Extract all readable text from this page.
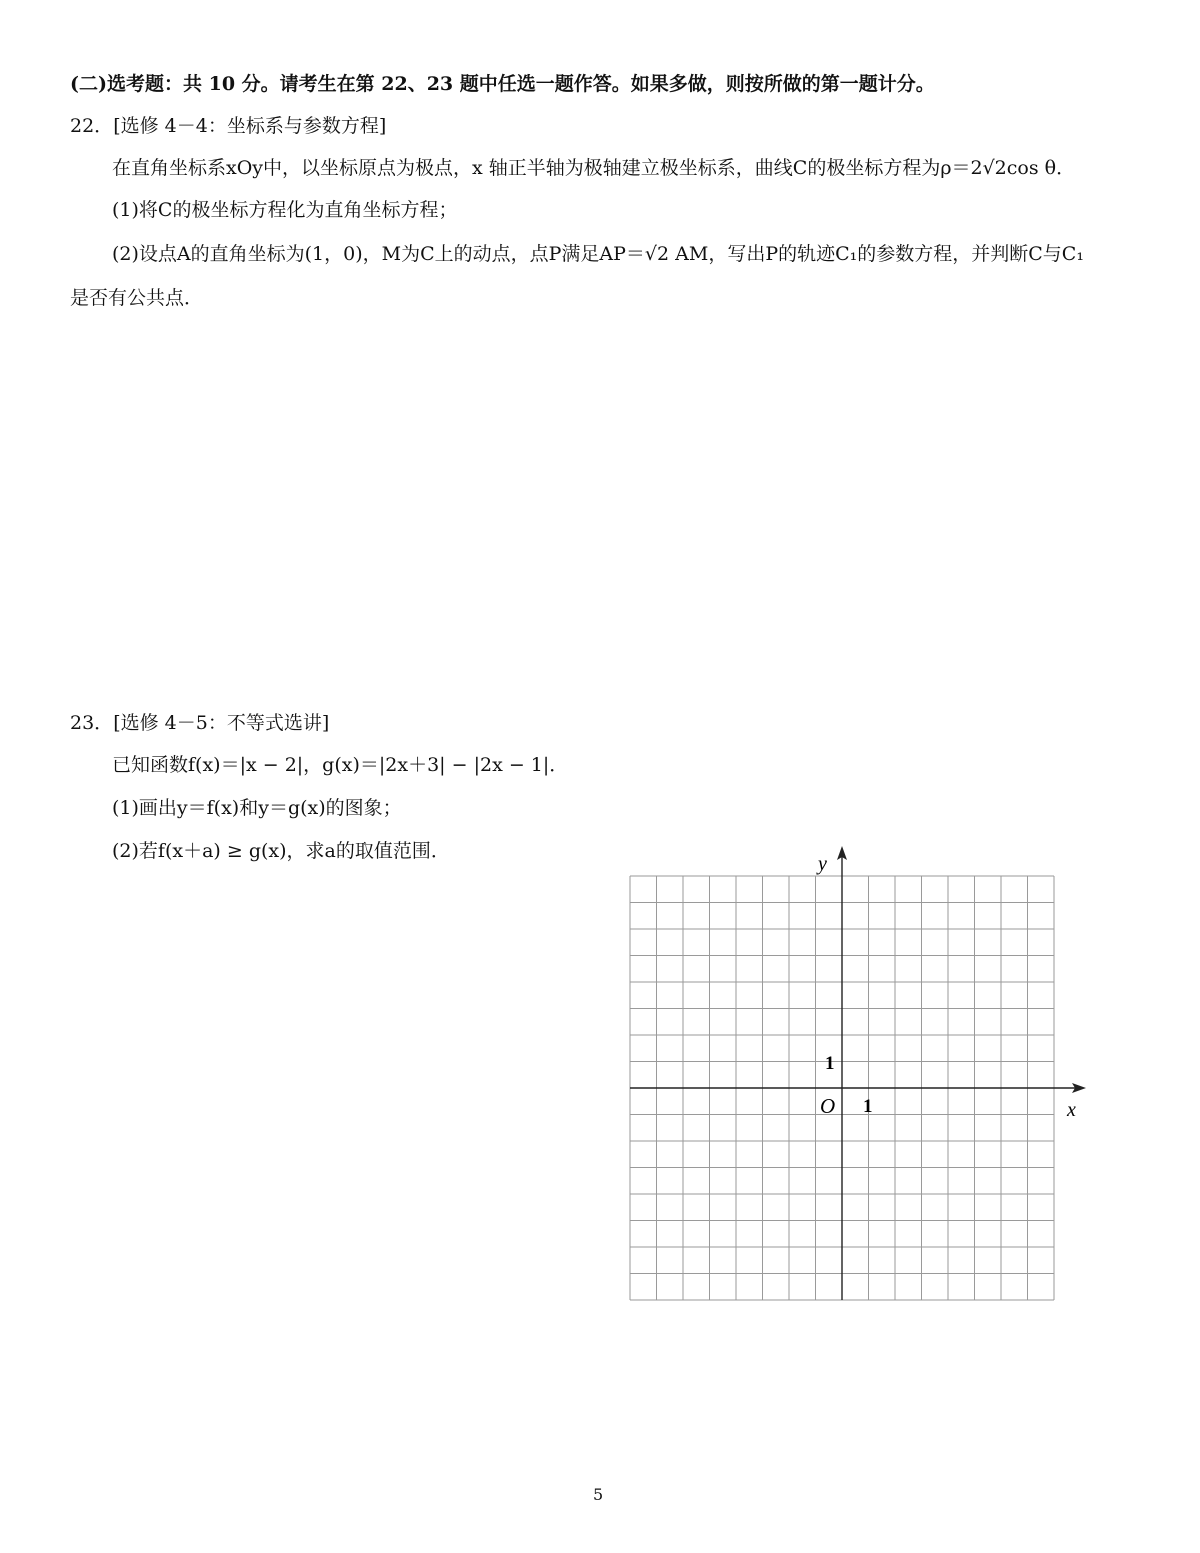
(二)选考题：共 10 分。请考生在第 22、23 题中任选一题作答。如果多做，则按所做的第一题计分。
22．[选修 4－4：坐标系与参数方程]
在直角坐标系xOy中，以坐标原点为极点，x 轴正半轴为极轴建立极坐标系，曲线C的极坐标方程为ρ＝2√2cos θ．
(1)将C的极坐标方程化为直角坐标方程；
(2)设点A的直角坐标为(1，0)，M为C上的动点，点P满足AP＝√2 AM，写出P的轨迹C₁的参数方程，并判断C与C₁
是否有公共点．
23．[选修 4－5：不等式选讲]
已知函数f(x)＝|x − 2|，g(x)＝|2x＋3| − |2x − 1|．
(1)画出y＝f(x)和y＝g(x)的图象；
(2)若f(x＋a) ≥ g(x)，求a的取值范围．
y
x
O 1
1
5
